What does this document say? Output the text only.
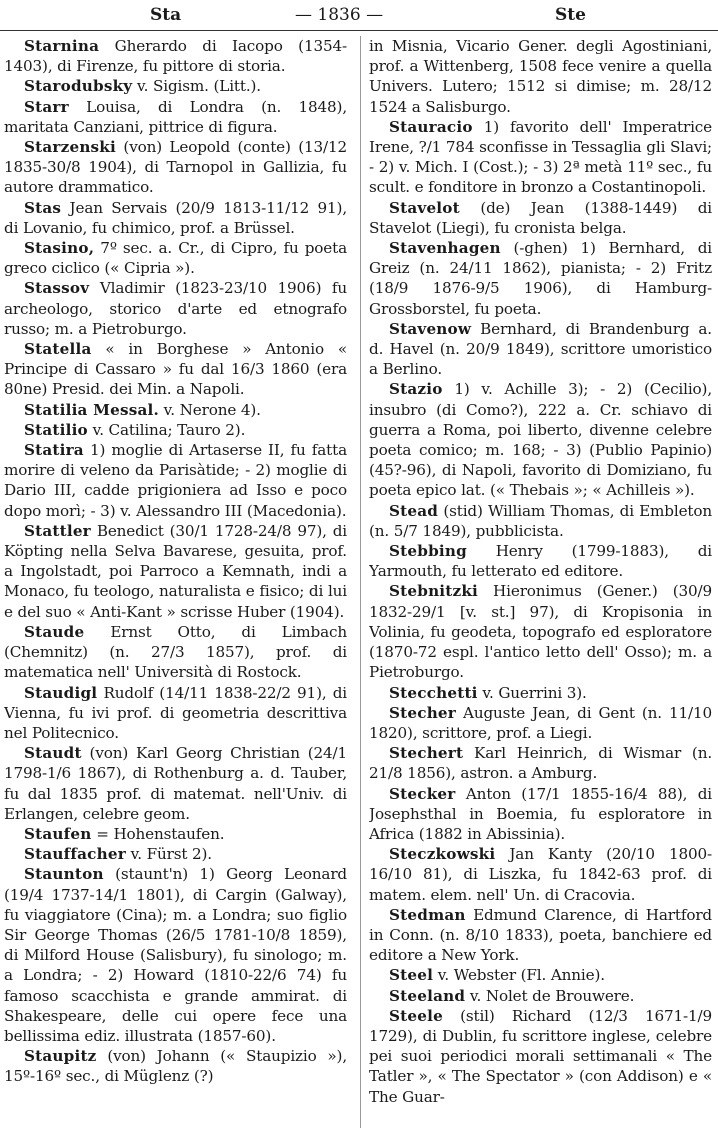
Sta	— 1836 —	Ste

Starnina Gherardo di Iacopo (1354-1403), di Firenze, fu pittore di storia.

Starodubsky v. Sigism. (Litt.).

Starr Louisa, di Londra (n. 1848), maritata Canziani, pittrice di figura.

Starzenski (von) Leopold (conte) (13/12 1835-30/8 1904), di Tarnopol in Gallizia, fu autore drammatico.

Stas Jean Servais (20/9 1813-11/12 91), di Lovanio, fu chimico, prof. a Brüssel.

Stasino, 7º sec. a. Cr., di Cipro, fu poeta greco ciclico (« Cipria »).

Stassov Vladimir (1823-23/10 1906) fu archeologo, storico d'arte ed etnografo russo; m. a Pietroburgo.

Statella « in Borghese » Antonio « Principe di Cassaro » fu dal 16/3 1860 (era 80ne) Presid. dei Min. a Napoli.

Statilia Messal. v. Nerone 4).

Statilio v. Catilina; Tauro 2).

Statira 1) moglie di Artaserse II, fu fatta morire di veleno da Parisàtide; - 2) moglie di Dario III, cadde prigioniera ad Isso e poco dopo morì; - 3) v. Alessandro III (Macedonia).

Stattler Benedict (30/1 1728-24/8 97), di Köpting nella Selva Bavarese, gesuita, prof. a Ingolstadt, poi Parroco a Kemnath, indi a Monaco, fu teologo, naturalista e fisico; di lui e del suo « Anti-Kant » scrisse Huber (1904).

Staude Ernst Otto, di Limbach (Chemnitz) (n. 27/3 1857), prof. di matematica nell' Università di Rostock.

Staudigl Rudolf (14/11 1838-22/2 91), di Vienna, fu ivi prof. di geometria descrittiva nel Politecnico.

Staudt (von) Karl Georg Christian (24/1 1798-1/6 1867), di Rothenburg a. d. Tauber, fu dal 1835 prof. di matemat. nell'Univ. di Erlangen, celebre geom.

Staufen = Hohenstaufen.

Stauffacher v. Fürst 2).

Staunton (staunt'n) 1) Georg Leonard (19/4 1737-14/1 1801), di Cargin (Galway), fu viaggiatore (Cina); m. a Londra; suo figlio Sir George Thomas (26/5 1781-10/8 1859), di Milford House (Salisbury), fu sinologo; m. a Londra; - 2) Howard (1810-22/6 74) fu famoso scacchista e grande ammirat. di Shakespeare, delle cui opere fece una bellissima ediz. illustrata (1857-60).

Staupitz (von) Johann (« Staupizio »), 15º-16º sec., di Müglenz (?)

in Misnia, Vicario Gener. degli Agostiniani, prof. a Wittenberg, 1508 fece venire a quella Univers. Lutero; 1512 si dimise; m. 28/12 1524 a Salisburgo.

Stauracio 1) favorito dell' Imperatrice Irene, ?/1 784 sconfisse in Tessaglia gli Slavi; - 2) v. Mich. I (Cost.); - 3) 2ª metà 11º sec., fu scult. e fonditore in bronzo a Costantinopoli.

Stavelot (de) Jean (1388-1449) di Stavelot (Liegi), fu cronista belga.

Stavenhagen (-ghen) 1) Bernhard, di Greiz (n. 24/11 1862), pianista; - 2) Fritz (18/9 1876-9/5 1906), di Hamburg-Grossborstel, fu poeta.

Stavenow Bernhard, di Brandenburg a. d. Havel (n. 20/9 1849), scrittore umoristico a Berlino.

Stazio 1) v. Achille 3); - 2) (Cecilio), insubro (di Como?), 222 a. Cr. schiavo di guerra a Roma, poi liberto, divenne celebre poeta comico; m. 168; - 3) (Publio Papinio) (45?-96), di Napoli, favorito di Domiziano, fu poeta epico lat. (« Thebais »; « Achilleis »).

Stead (stid) William Thomas, di Embleton (n. 5/7 1849), pubblicista.

Stebbing Henry (1799-1883), di Yarmouth, fu letterato ed editore.

Stebnitzki Hieronimus (Gener.) (30/9 1832-29/1 [v. st.] 97), di Kropisonia in Volinia, fu geodeta, topografo ed esploratore (1870-72 espl. l'antico letto dell' Osso); m. a Pietroburgo.

Stecchetti v. Guerrini 3).

Stecher Auguste Jean, di Gent (n. 11/10 1820), scrittore, prof. a Liegi.

Stechert Karl Heinrich, di Wismar (n. 21/8 1856), astron. a Amburg.

Stecker Anton (17/1 1855-16/4 88), di Josephsthal in Boemia, fu esploratore in Africa (1882 in Abissinia).

Steczkowski Jan Kanty (20/10 1800-16/10 81), di Liszka, fu 1842-63 prof. di matem. elem. nell' Un. di Cracovia.

Stedman Edmund Clarence, di Hartford in Conn. (n. 8/10 1833), poeta, banchiere ed editore a New York.

Steel v. Webster (Fl. Annie).

Steeland v. Nolet de Brouwere.

Steele (stil) Richard (12/3 1671-1/9 1729), di Dublin, fu scrittore inglese, celebre pei suoi periodici morali settimanali « The Tatler », « The Spectator » (con Addison) e « The Guar-
